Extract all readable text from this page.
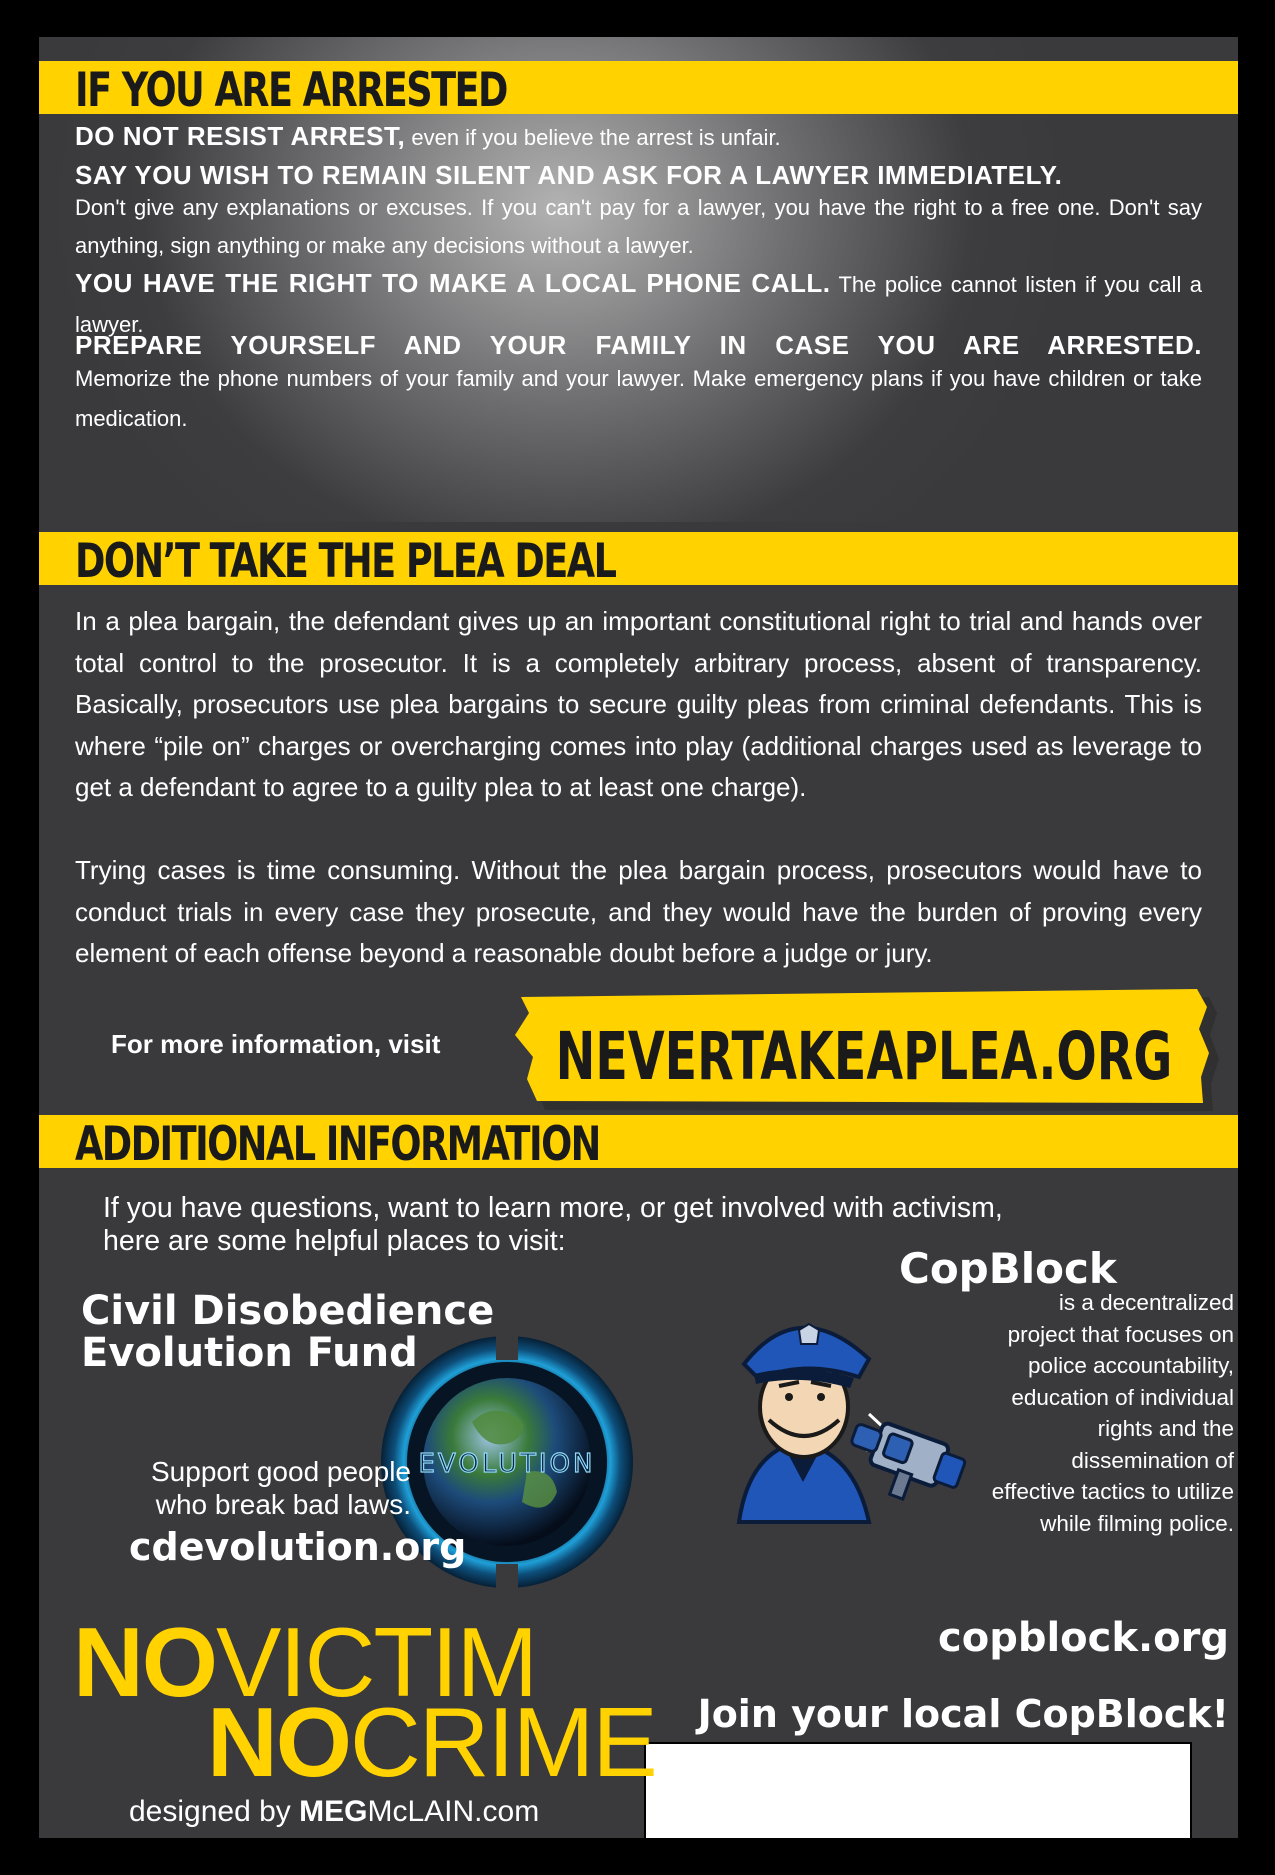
IF YOU ARE ARRESTED
DO NOT RESIST ARREST, even if you believe the arrest is unfair.
SAY YOU WISH TO REMAIN SILENT AND ASK FOR A LAWYER IMMEDIATELY.
Don't give any explanations or excuses. If you can't pay for a lawyer, you have the right to a free one. Don't say anything, sign anything or make any decisions without a lawyer.
YOU HAVE THE RIGHT TO MAKE A LOCAL PHONE CALL. The police cannot listen if you call a lawyer.
PREPARE YOURSELF AND YOUR FAMILY IN CASE YOU ARE ARRESTED.
Memorize the phone numbers of your family and your lawyer. Make emergency plans if you have children or take medication.
DON’T TAKE THE PLEA DEAL
In a plea bargain, the defendant gives up an important constitutional right to trial and hands over total control to the prosecutor. It is a completely arbitrary process, absent of transparency. Basically, prosecutors use plea bargains to secure guilty pleas from criminal defendants. This is where “pile on” charges or overcharging comes into play (additional charges used as leverage to get a defendant to agree to a guilty plea to at least one charge).
Trying cases is time consuming. Without the plea bargain process, prosecutors would have to conduct trials in every case they prosecute, and they would have the burden of proving every element of each offense beyond a reasonable doubt before a judge or jury.
For more information, visit	NEVERTAKEAPLEA.ORG
ADDITIONAL INFORMATION
If you have questions, want to learn more, or get involved with activism,
here are some helpful places to visit:
Civil Disobedience
Evolution Fund
EVOLUTION
Support good people
who break bad laws.
cdevolution.org
CopBlock
is a decentralized
project that focuses on
police accountability,
education of individual
rights and the
dissemination of
effective tactics to utilize
while filming police.
copblock.org
Join your local CopBlock!
NOVICTIM
NOCRIME
designed by MEGMcLAIN.com
